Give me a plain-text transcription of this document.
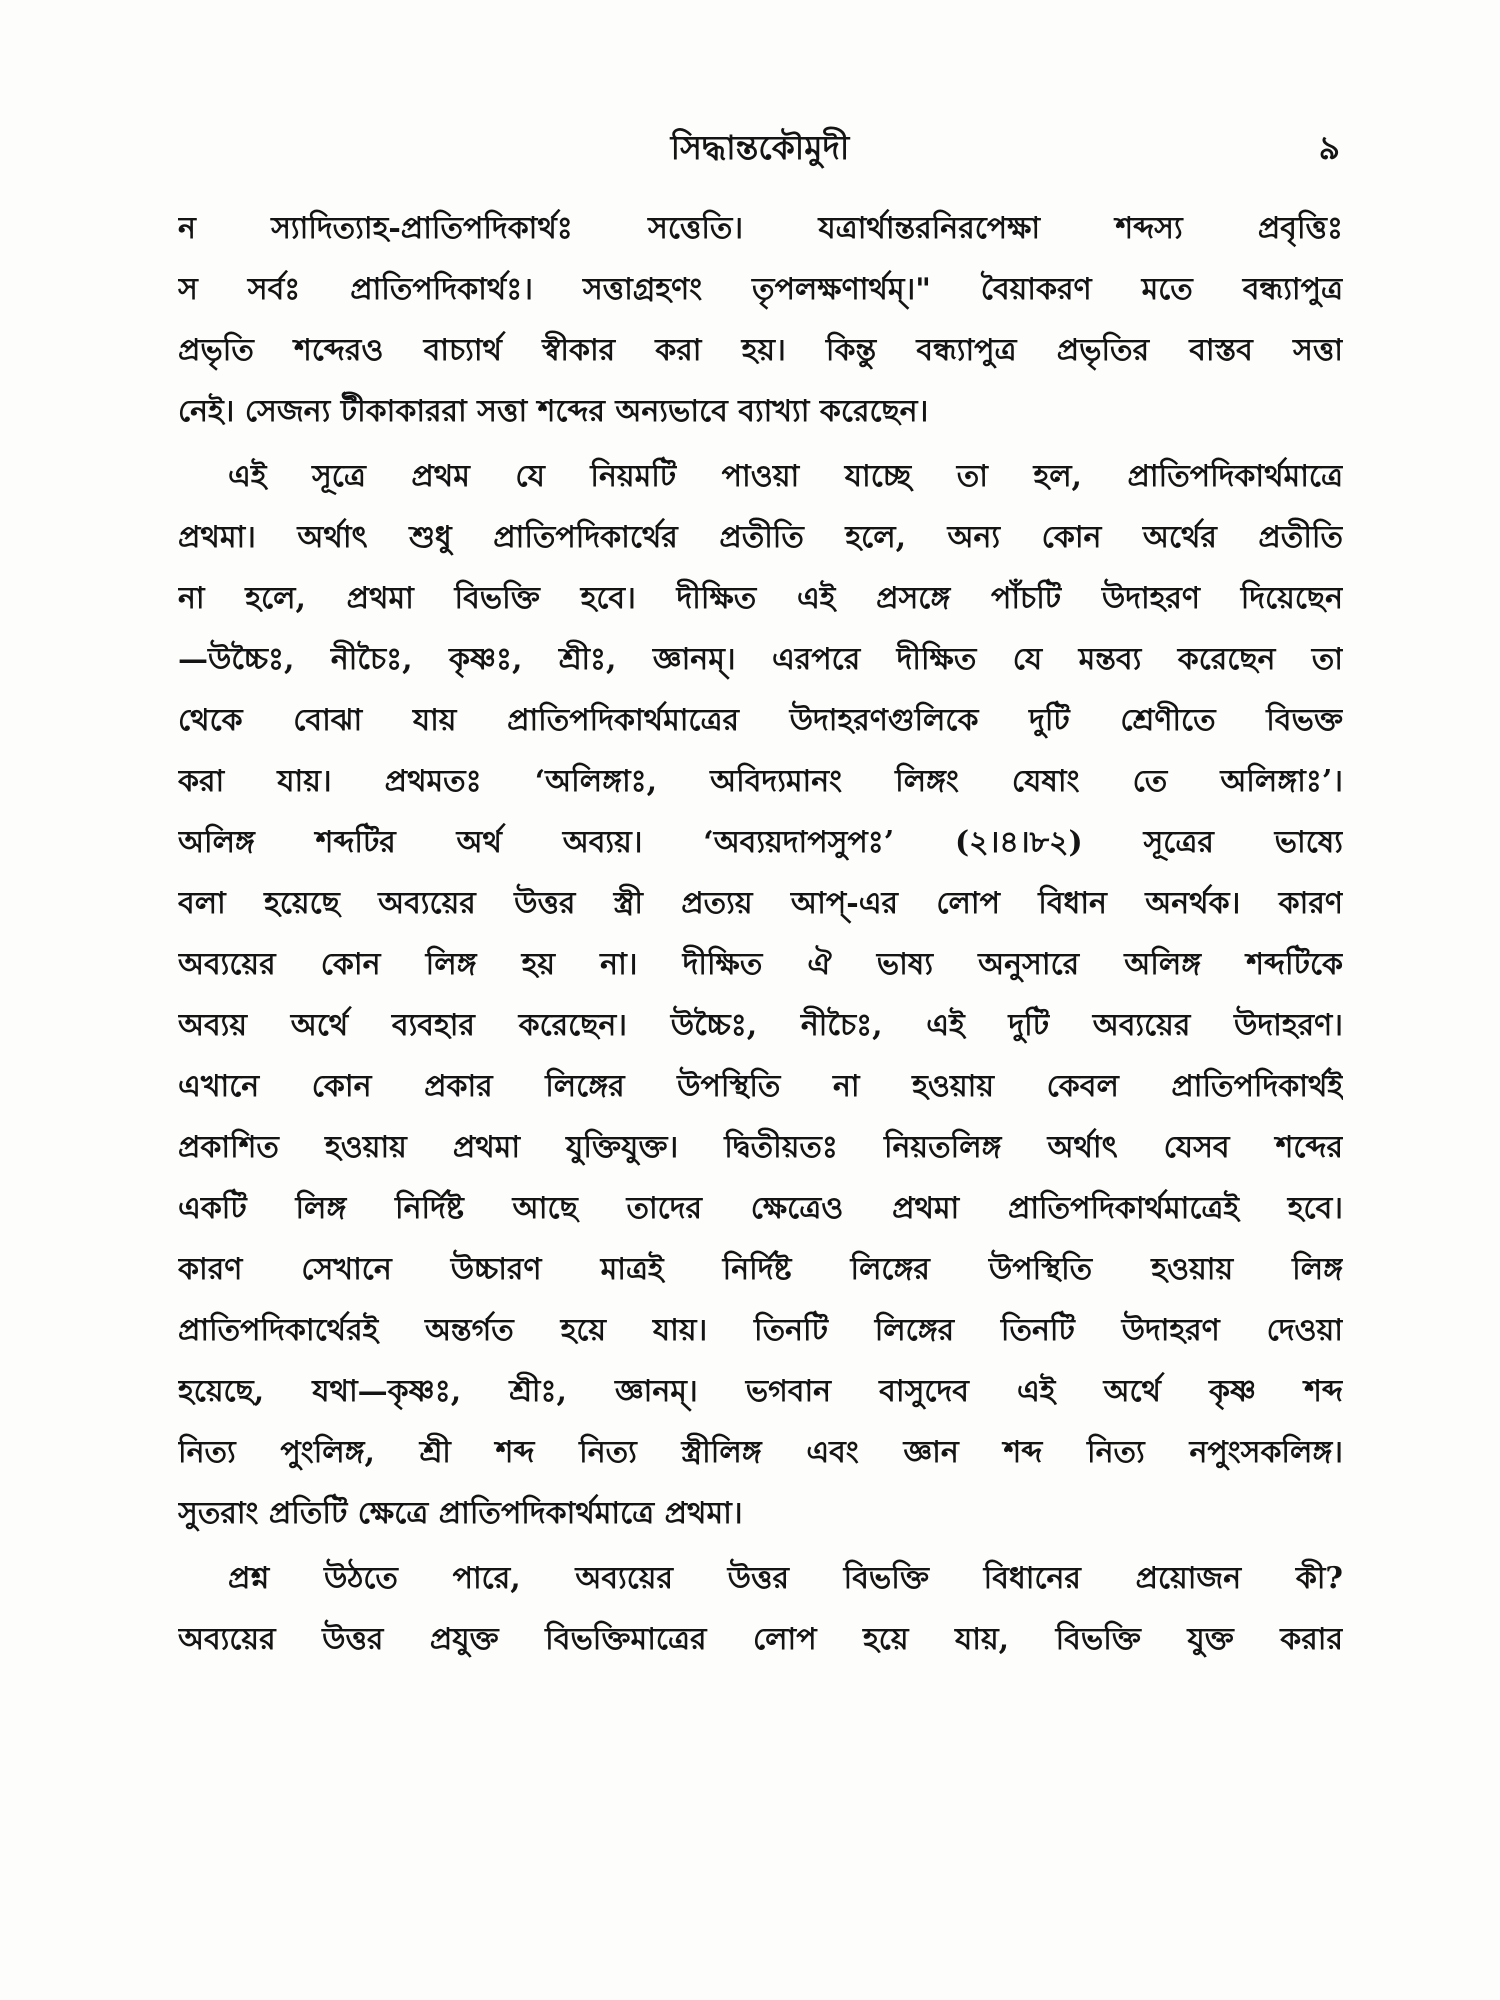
সিদ্ধান্তকৌমুদী	৯
ন স্যাদিত্যাহ-প্রাতিপদিকার্থঃ সত্তেতি। যত্রার্থান্তরনিরপেক্ষা শব্দস্য প্রবৃত্তিঃ
স সর্বঃ প্রাতিপদিকার্থঃ। সত্তাগ্রহণং তৃপলক্ষণার্থম্।" বৈয়াকরণ মতে বন্ধ্যাপুত্র
প্রভৃতি শব্দেরও বাচ্যার্থ স্বীকার করা হয়। কিন্তু বন্ধ্যাপুত্র প্রভৃতির বাস্তব সত্তা
নেই। সেজন্য টীকাকাররা সত্তা শব্দের অন্যভাবে ব্যাখ্যা করেছেন।
এই সূত্রে প্রথম যে নিয়মটি পাওয়া যাচ্ছে তা হল, প্রাতিপদিকার্থমাত্রে
প্রথমা। অর্থাৎ শুধু প্রাতিপদিকার্থের প্রতীতি হলে, অন্য কোন অর্থের প্রতীতি
না হলে, প্রথমা বিভক্তি হবে। দীক্ষিত এই প্রসঙ্গে পাঁচটি উদাহরণ দিয়েছেন
—উচ্চৈঃ, নীচৈঃ, কৃষ্ণঃ, শ্রীঃ, জ্ঞানম্। এরপরে দীক্ষিত যে মন্তব্য করেছেন তা
থেকে বোঝা যায় প্রাতিপদিকার্থমাত্রের উদাহরণগুলিকে দুটি শ্রেণীতে বিভক্ত
করা যায়। প্রথমতঃ ‘অলিঙ্গাঃ, অবিদ্যমানং লিঙ্গং যেষাং তে অলিঙ্গাঃ’।
অলিঙ্গ শব্দটির অর্থ অব্যয়। ‘অব্যয়দাপসুপঃ’ (২।৪।৮২) সূত্রের ভাষ্যে
বলা হয়েছে অব্যয়ের উত্তর স্ত্রী প্রত্যয় আপ্-এর লোপ বিধান অনর্থক। কারণ
অব্যয়ের কোন লিঙ্গ হয় না। দীক্ষিত ঐ ভাষ্য অনুসারে অলিঙ্গ শব্দটিকে
অব্যয় অর্থে ব্যবহার করেছেন। উচ্চৈঃ, নীচৈঃ, এই দুটি অব্যয়ের উদাহরণ।
এখানে কোন প্রকার লিঙ্গের উপস্থিতি না হওয়ায় কেবল প্রাতিপদিকার্থই
প্রকাশিত হওয়ায় প্রথমা যুক্তিযুক্ত। দ্বিতীয়তঃ নিয়তলিঙ্গ অর্থাৎ যেসব শব্দের
একটি লিঙ্গ নির্দিষ্ট আছে তাদের ক্ষেত্রেও প্রথমা প্রাতিপদিকার্থমাত্রেই হবে।
কারণ সেখানে উচ্চারণ মাত্রই নির্দিষ্ট লিঙ্গের উপস্থিতি হওয়ায় লিঙ্গ
প্রাতিপদিকার্থেরই অন্তর্গত হয়ে যায়। তিনটি লিঙ্গের তিনটি উদাহরণ দেওয়া
হয়েছে, যথা—কৃষ্ণঃ, শ্রীঃ, জ্ঞানম্। ভগবান বাসুদেব এই অর্থে কৃষ্ণ শব্দ
নিত্য পুংলিঙ্গ, শ্রী শব্দ নিত্য স্ত্রীলিঙ্গ এবং জ্ঞান শব্দ নিত্য নপুংসকলিঙ্গ।
সুতরাং প্রতিটি ক্ষেত্রে প্রাতিপদিকার্থমাত্রে প্রথমা।
প্রশ্ন উঠতে পারে, অব্যয়ের উত্তর বিভক্তি বিধানের প্রয়োজন কী?
অব্যয়ের উত্তর প্রযুক্ত বিভক্তিমাত্রের লোপ হয়ে যায়, বিভক্তি যুক্ত করার
